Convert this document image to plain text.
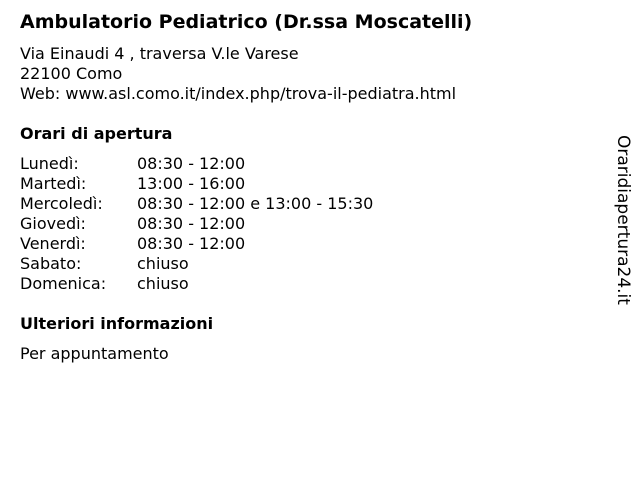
Ambulatorio Pediatrico (Dr.ssa Moscatelli)
Via Einaudi 4 , traversa V.le Varese
22100 Como
Web: www.asl.como.it/index.php/trova-il-pediatra.html
Orari di apertura
Lunedì:	08:30 - 12:00
Martedì:	13:00 - 16:00
Mercoledì: 08:30 - 12:00 e 13:00 - 15:30
Giovedì:	08:30 - 12:00
Venerdì:	08:30 - 12:00
Sabato:	chiuso
Domenica: chiuso
Ulteriori informazioni
Per appuntamento
Oraridiapertura24.it
